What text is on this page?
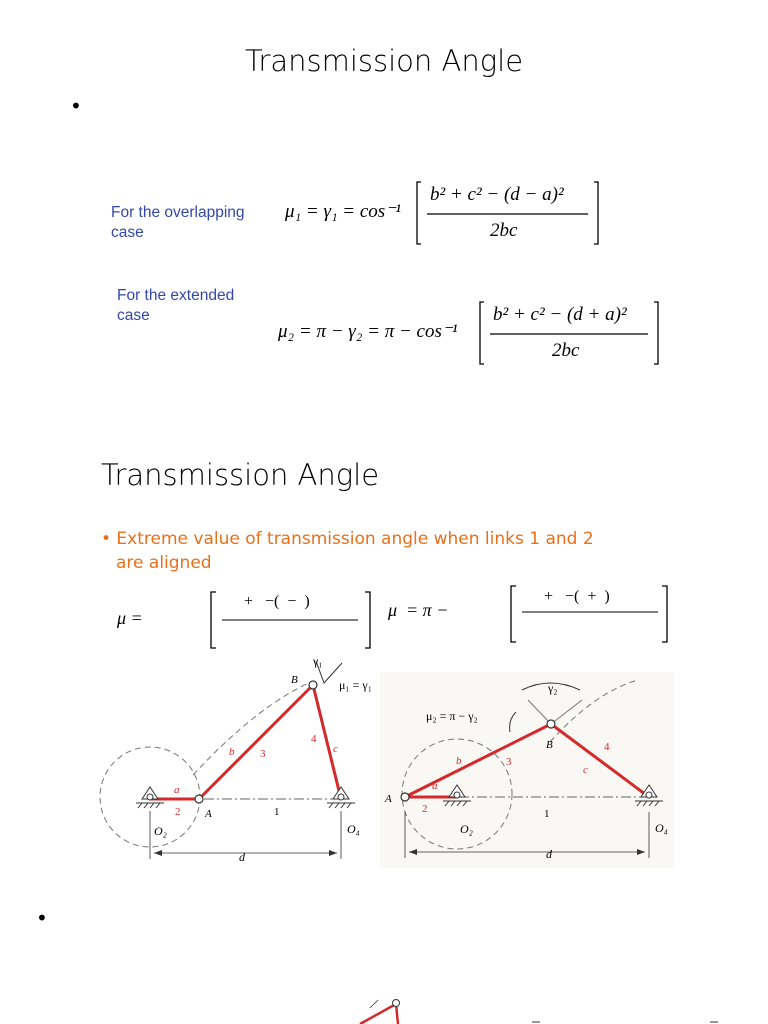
Transmission Angle
•
For the overlapping
case
μ₁ = γ₁ = cos⁻¹
b² + c² − (d − a)²
2bc
For the extended
case
μ₂ = π − γ₂ = π − cos⁻¹
b² + c² − (d + a)²
2bc
Transmission Angle
• Extreme value of transmission angle when links 1 and 2
are aligned
μ =
+   −(  −  )	μ  = π −
+   −(  +  )
B
γ₁
μ₁ = γ₁
a
2 A	1
O₂	O₄
b 3
4
c
d
γ₂
μ₂ = π − γ₂
B	4
b	3
c
A
a
2	1
O₂	O₄
d
•
